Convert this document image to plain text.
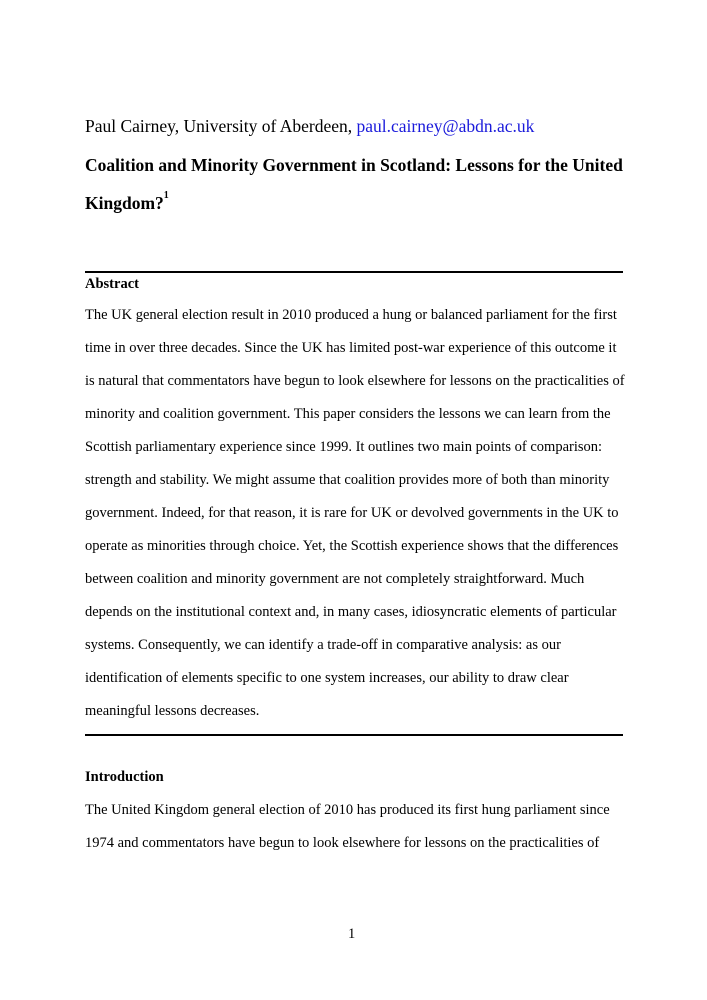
Paul Cairney, University of Aberdeen, paul.cairney@abdn.ac.uk
Coalition and Minority Government in Scotland: Lessons for the United
Kingdom?$^1$
Abstract
The UK general election result in 2010 produced a hung or balanced parliament for the first
time in over three decades. Since the UK has limited post-war experience of this outcome it
is natural that commentators have begun to look elsewhere for lessons on the practicalities of
minority and coalition government. This paper considers the lessons we can learn from the
Scottish parliamentary experience since 1999. It outlines two main points of comparison:
strength and stability. We might assume that coalition provides more of both than minority
government. Indeed, for that reason, it is rare for UK or devolved governments in the UK to
operate as minorities through choice. Yet, the Scottish experience shows that the differences
between coalition and minority government are not completely straightforward. Much
depends on the institutional context and, in many cases, idiosyncratic elements of particular
systems. Consequently, we can identify a trade-off in comparative analysis: as our
identification of elements specific to one system increases, our ability to draw clear
meaningful lessons decreases.
Introduction
The United Kingdom general election of 2010 has produced its first hung parliament since
1974 and commentators have begun to look elsewhere for lessons on the practicalities of
1
